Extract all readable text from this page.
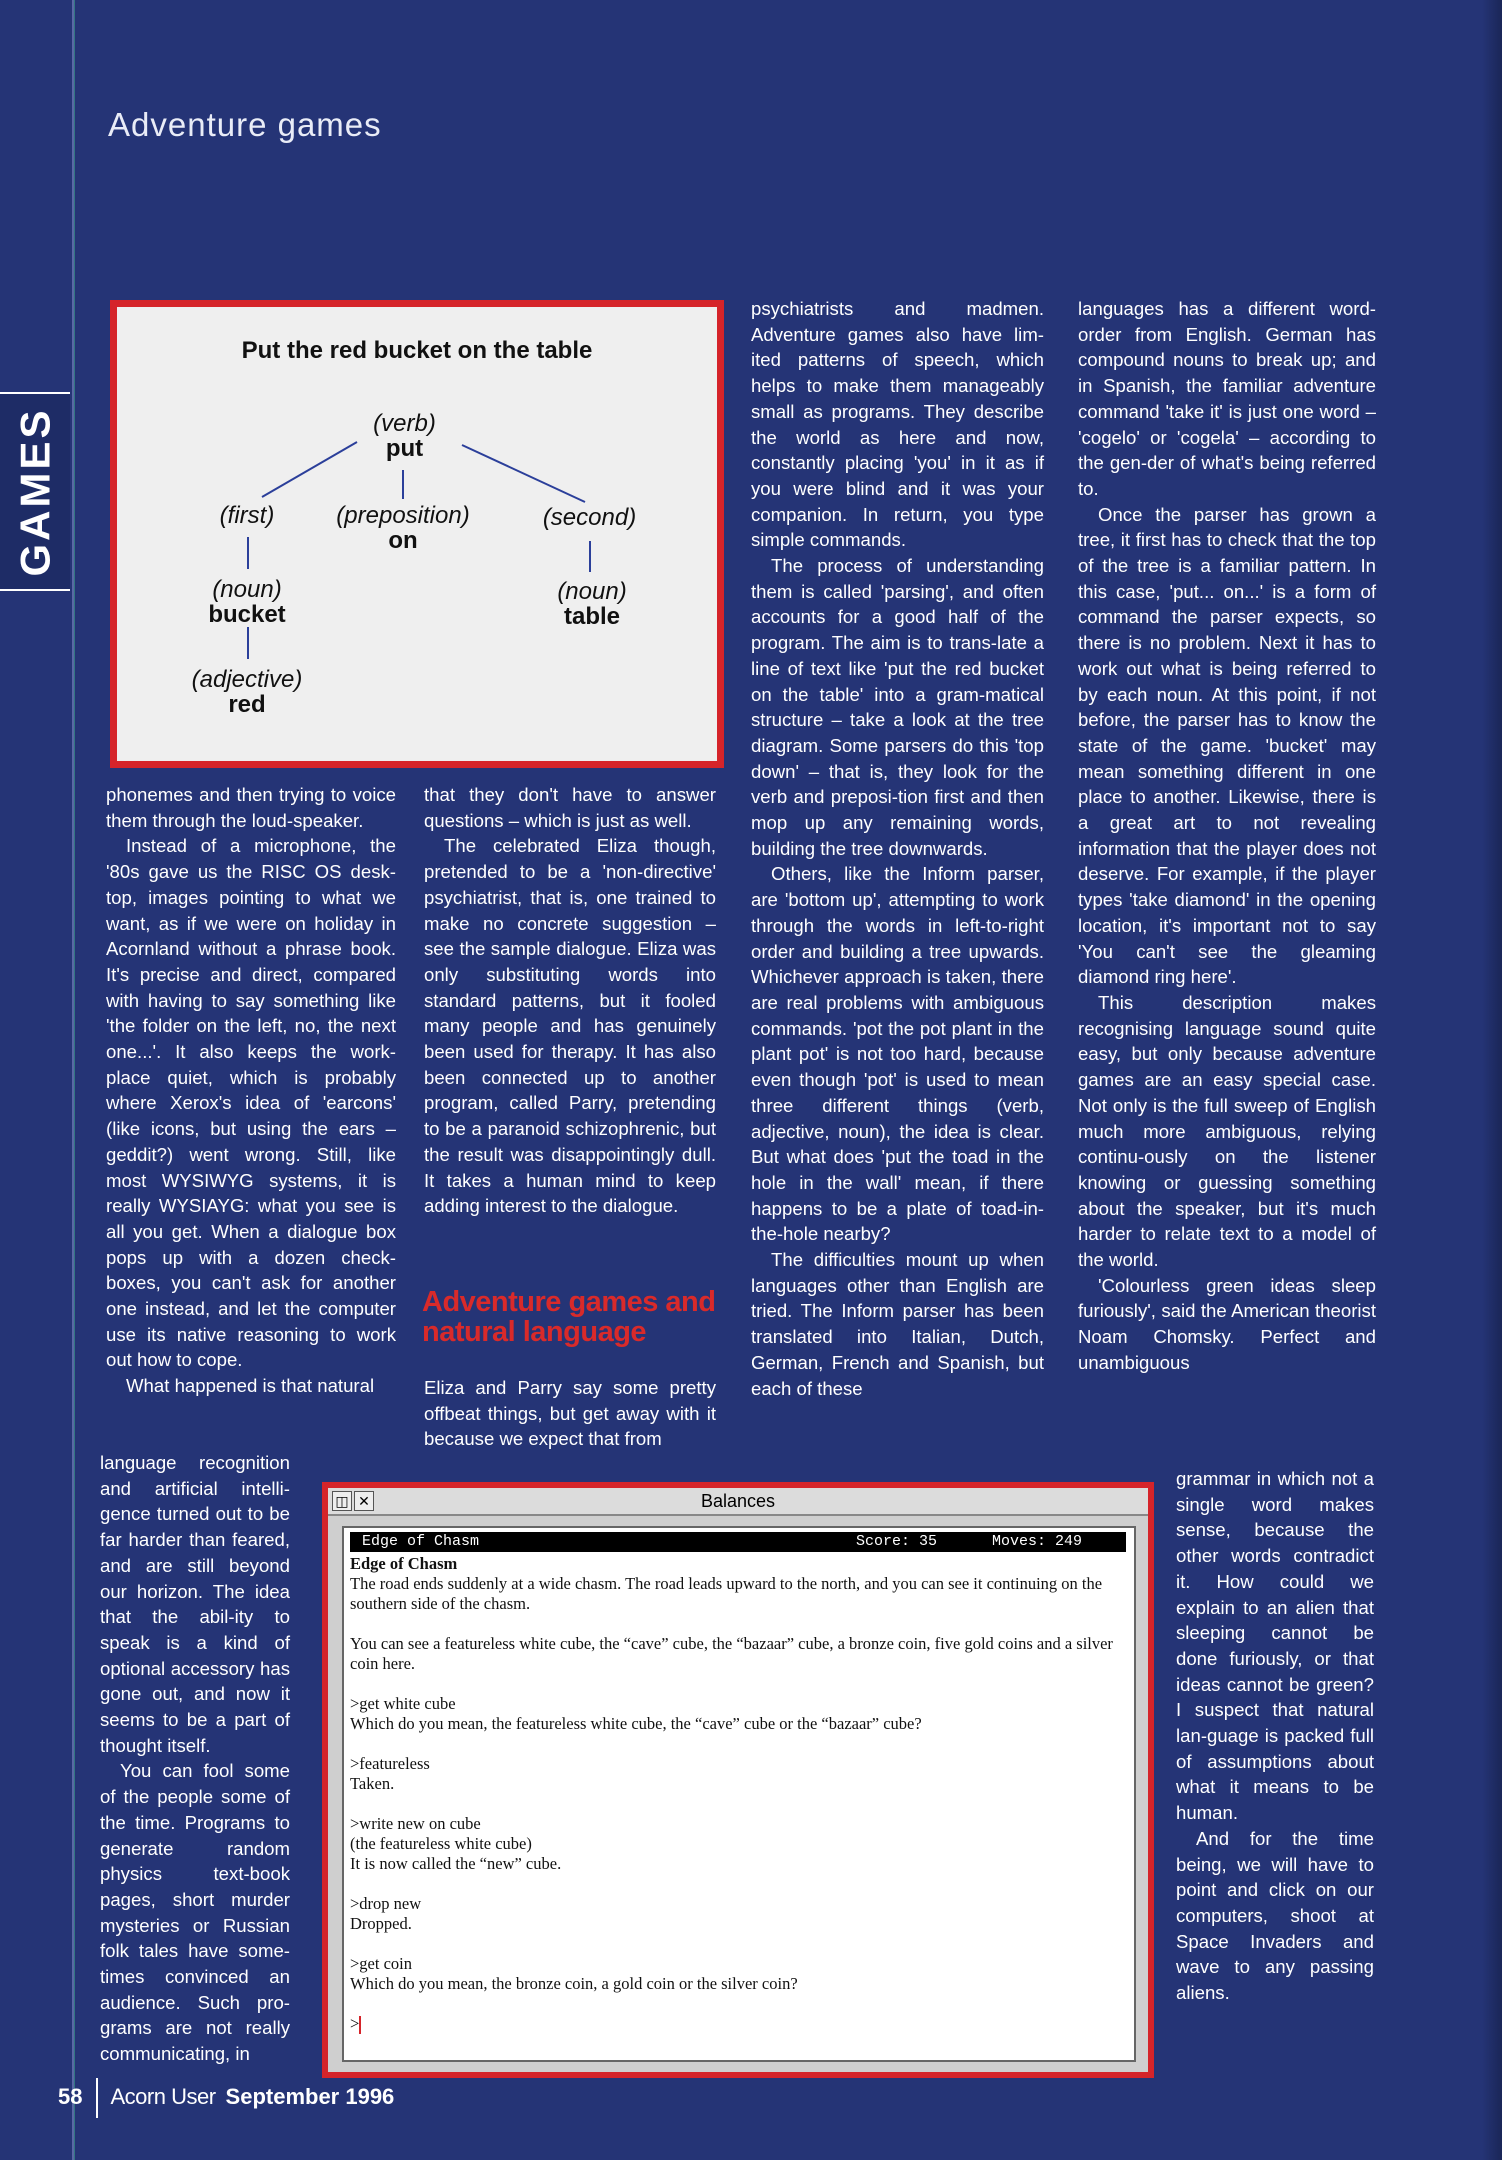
Adventure games
GAMES
Put the red bucket on the table
(verb)
put
(first)	(preposition)
on
(second)
(noun)
bucket
(noun)
table
(adjective)
red

phonemes and then trying to voice them through the loud-speaker.

Instead of a microphone, the '80s gave us the RISC OS desk-top, images pointing to what we want, as if we were on holiday in Acornland without a phrase book. It's precise and direct, compared with having to say something like 'the folder on the left, no, the next one...'. It also keeps the work-place quiet, which is probably where Xerox's idea of 'earcons' (like icons, but using the ears – geddit?) went wrong. Still, like most WYSIWYG systems, it is really WYSIAYG: what you see is all you get. When a dialogue box pops up with a dozen check-boxes, you can't ask for another one instead, and let the computer use its native reasoning to work out how to cope.

What happened is that natural

language recognition and artificial intelli-gence turned out to be far harder than feared, and are still beyond our horizon. The idea that the abil-ity to speak is a kind of optional accessory has gone out, and now it seems to be a part of thought itself.

You can fool some of the people some of the time. Programs to generate random physics text-book pages, short murder mysteries or Russian folk tales have some-times convinced an audience. Such pro-grams are not really communicating, in

that they don't have to answer questions – which is just as well.

The celebrated Eliza though, pretended to be a 'non-directive' psychiatrist, that is, one trained to make no concrete suggestion – see the sample dialogue. Eliza was only substituting words into standard patterns, but it fooled many people and has genuinely been used for therapy. It has also been connected up to another program, called Parry, pretending to be a paranoid schizophrenic, but the result was disappointingly dull. It takes a human mind to keep adding interest to the dialogue.

Adventure games and natural language

Eliza and Parry say some pretty offbeat things, but get away with it because we expect that from

psychiatrists and madmen. Adventure games also have lim-ited patterns of speech, which helps to make them manageably small as programs. They describe the world as here and now, constantly placing 'you' in it as if you were blind and it was your companion. In return, you type simple commands.

The process of understanding them is called 'parsing', and often accounts for a good half of the program. The aim is to trans-late a line of text like 'put the red bucket on the table' into a gram-matical structure – take a look at the tree diagram. Some parsers do this 'top down' – that is, they look for the verb and preposi-tion first and then mop up any remaining words, building the tree downwards.

Others, like the Inform parser, are 'bottom up', attempting to work through the words in left-to-right order and building a tree upwards. Whichever approach is taken, there are real problems with ambiguous commands. 'pot the pot plant in the plant pot' is not too hard, because even though 'pot' is used to mean three different things (verb, adjective, noun), the idea is clear. But what does 'put the toad in the hole in the wall' mean, if there happens to be a plate of toad-in-the-hole nearby?

The difficulties mount up when languages other than English are tried. The Inform parser has been translated into Italian, Dutch, German, French and Spanish, but each of these

languages has a different word-order from English. German has compound nouns to break up; and in Spanish, the familiar adventure command 'take it' is just one word – 'cogelo' or 'cogela' – according to the gen-der of what's being referred to.

Once the parser has grown a tree, it first has to check that the top of the tree is a familiar pattern. In this case, 'put... on...' is a form of command the parser expects, so there is no problem. Next it has to work out what is being referred to by each noun. At this point, if not before, the parser has to know the state of the game. 'bucket' may mean something different in one place to another. Likewise, there is a great art to not revealing information that the player does not deserve. For example, if the player types 'take diamond' in the opening location, it's important not to say 'You can't see the gleaming diamond ring here'.

This description makes recognising language sound quite easy, but only because adventure games are an easy special case. Not only is the full sweep of English much more ambiguous, relying continu-ously on the listener knowing or guessing something about the speaker, but it's much harder to relate text to a model of the world.

'Colourless green ideas sleep furiously', said the American theorist Noam Chomsky. Perfect and unambiguous

grammar in which not a single word makes sense, because the other words contradict it. How could we explain to an alien that sleeping cannot be done furiously, or that ideas cannot be green? I suspect that natural lan-guage is packed full of assumptions about what it means to be human.

And for the time being, we will have to point and click on our computers, shoot at Space Invaders and wave to any passing aliens.

Balances
◫ ✕
Edge of Chasm	Score: 35	Moves: 249

Edge of Chasm

The road ends suddenly at a wide chasm. The road leads upward to the north, and you can see it continuing on the southern side of the chasm.

You can see a featureless white cube, the “cave” cube, the “bazaar” cube, a bronze coin, five gold coins and a silver coin here.

>get white cube
Which do you mean, the featureless white cube, the “cave” cube or the “bazaar” cube?

>featureless
Taken.

>write new on cube
(the featureless white cube)
It is now called the “new” cube.

>drop new
Dropped.

>get coin
Which do you mean, the bronze coin, a gold coin or the silver coin?

>

58 Acorn User September 1996
